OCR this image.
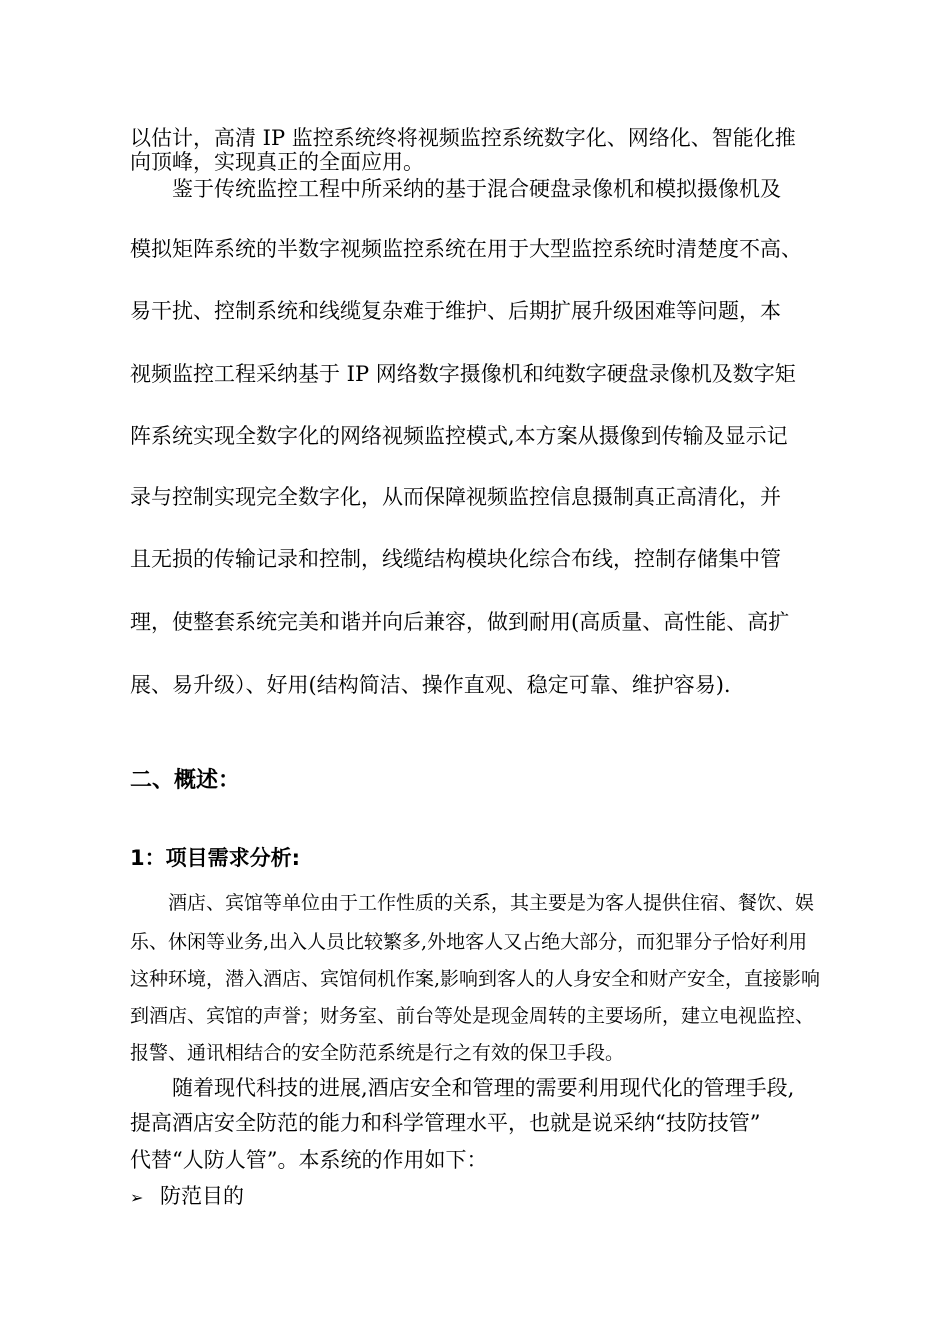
以估计，高清 IP 监控系统终将视频监控系统数字化、网络化、智能化推
向顶峰，实现真正的全面应用。
　　鉴于传统监控工程中所采纳的基于混合硬盘录像机和模拟摄像机及
模拟矩阵系统的半数字视频监控系统在用于大型监控系统时清楚度不高、
易干扰、控制系统和线缆复杂难于维护、后期扩展升级困难等问题，本
视频监控工程采纳基于 IP 网络数字摄像机和纯数字硬盘录像机及数字矩
阵系统实现全数字化的网络视频监控模式,本方案从摄像到传输及显示记
录与控制实现完全数字化，从而保障视频监控信息摄制真正高清化，并
且无损的传输记录和控制，线缆结构模块化综合布线，控制存储集中管
理，使整套系统完美和谐并向后兼容，做到耐用(高质量、高性能、高扩
展、易升级）、好用(结构简洁、操作直观、稳定可靠、维护容易).
二、概述：
1：项目需求分析:
　　酒店、宾馆等单位由于工作性质的关系，其主要是为客人提供住宿、餐饮、娱
乐、休闲等业务,出入人员比较繁多,外地客人又占绝大部分，而犯罪分子恰好利用
这种环境，潜入酒店、宾馆伺机作案,影响到客人的人身安全和财产安全，直接影响
到酒店、宾馆的声誉；财务室、前台等处是现金周转的主要场所，建立电视监控、
报警、通讯相结合的安全防范系统是行之有效的保卫手段。
　　随着现代科技的进展,酒店安全和管理的需要利用现代化的管理手段,
提高酒店安全防范的能力和科学管理水平，也就是说采纳“技防技管”
代替“人防人管”。本系统的作用如下：
➢ 防范目的
